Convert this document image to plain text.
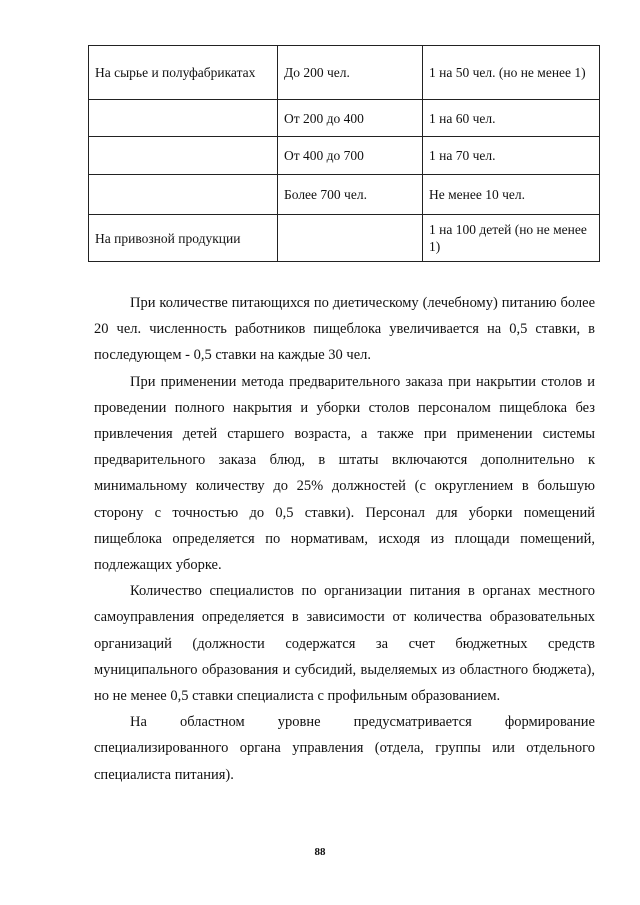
На сырье и полуфабрикатах	До 200 чел.	1 на 50 чел. (но не менее 1)
	От 200 до 400	1 на 60 чел.
	От 400 до 700	1 на 70 чел.
	Более 700 чел.	Не менее 10 чел.
На привозной продукции		1 на 100 детей (но не менее 1)

При количестве питающихся по диетическому (лечебному) питанию более 20 чел. численность работников пищеблока увеличивается на 0,5 ставки, в последующем - 0,5 ставки на каждые 30 чел.

При применении метода предварительного заказа при накрытии столов и проведении полного накрытия и уборки столов персоналом пищеблока без привлечения детей старшего возраста, а также при применении системы предварительного заказа блюд, в штаты включаются дополнительно к минимальному количеству до 25% должностей (с округлением в большую сторону с точностью до 0,5 ставки). Персонал для уборки помещений пищеблока определяется по нормативам, исходя из площади помещений, подлежащих уборке.

Количество специалистов по организации питания в органах местного самоуправления определяется в зависимости от количества образовательных организаций (должности содержатся за счет бюджетных средств муниципального образования и субсидий, выделяемых из областного бюджета), но не менее 0,5 ставки специалиста с профильным образованием.

На областном уровне предусматривается формирование специализированного органа управления (отдела, группы или отдельного специалиста питания).

88
